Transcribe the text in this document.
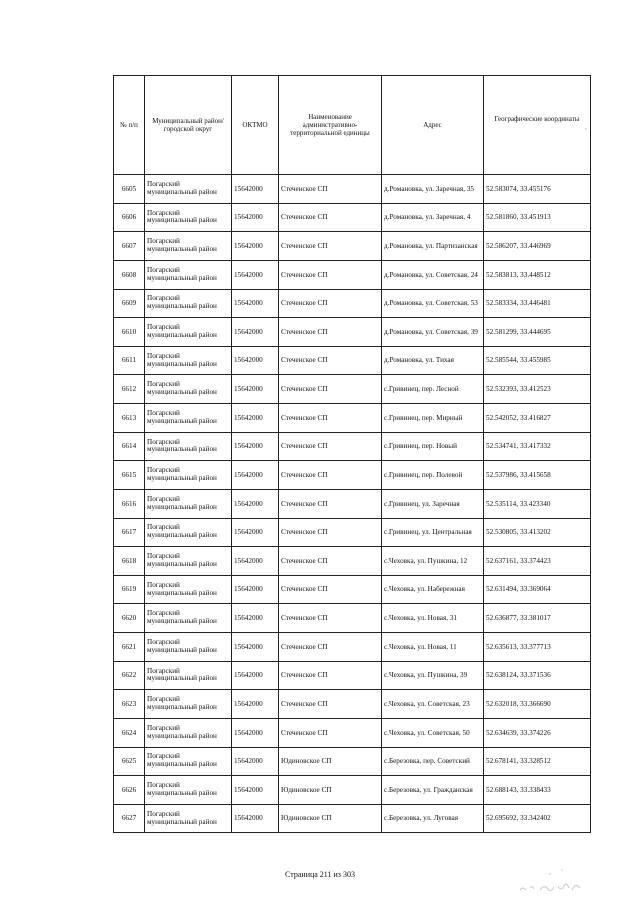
№ п/п	Муниципальный район/городской округ	ОКТМО	Наименование административно-территориальной единицы	Адрес	Географические координаты
’

6605	Погарский муниципальный район	15642000	Стеченское СП	д.Романовка, ул. Заречная, 35	52.583074, 33.455176
6606	Погарский муниципальный район	15642000	Стеченское СП	д.Романовка, ул. Заречная, 4	52.581860, 33.451913
6607	Погарский муниципальный район	15642000	Стеченское СП	д.Романовка, ул. Партизанская	52.586207, 33.446969
6608	Погарский муниципальный район	15642000	Стеченское СП	д.Романовка, ул. Советская, 24	52.583813, 33.448512
6609	Погарский муниципальный район	15642000	Стеченское СП	д.Романовка, ул. Советская, 53	52.583334, 33.446481
6610	Погарский муниципальный район	15642000	Стеченское СП	д.Романовка, ул. Советская, 39	52.581299, 33.444695
6611	Погарский муниципальный район	15642000	Стеченское СП	д.Романовка, ул. Тихая	52.585544, 33.455985
6612	Погарский муниципальный район	15642000	Стеченское СП	с.Гривинец, пер. Лесной	52.532393, 33.412523
6613	Погарский муниципальный район	15642000	Стеченское СП	с.Гривинец, пер. Мирный	52.542052, 33.416827
6614	Погарский муниципальный район	15642000	Стеченское СП	с.Гривинец, пер. Новый	52.534741, 33.417332
6615	Погарский муниципальный район	15642000	Стеченское СП	с.Гривинец, пер. Полевой	52.537986, 33.415658
6616	Погарский муниципальный район	15642000	Стеченское СП	с.Гривинец, ул. Заречная	52.535114, 33.423340
6617	Погарский муниципальный район	15642000	Стеченское СП	с.Гривинец, ул. Центральная	52.530805, 33.413202
6618	Погарский муниципальный район	15642000	Стеченское СП	с.Чеховка, ул. Пушкина, 12	52.637161, 33.374423
6619	Погарский муниципальный район	15642000	Стеченское СП	с.Чеховка, ул. Набережная	52.631494, 33.369064
6620	Погарский муниципальный район	15642000	Стеченское СП	с.Чеховка, ул. Новая, 31	52.636877, 33.381017
6621	Погарский муниципальный район	15642000	Стеченское СП	с.Чеховка, ул. Новая, 11	52.635613, 33.377713
6622	Погарский муниципальный район	15642000	Стеченское СП	с.Чеховка, ул. Пушкина, 39	52.638124, 33.371536
6623	Погарский муниципальный район	15642000	Стеченское СП	с.Чеховка, ул. Советская, 23	52.632018, 33.366690
6624	Погарский муниципальный район	15642000	Стеченское СП	с.Чеховка, ул. Советская, 50	52.634639, 33.374226
6625	Погарский муниципальный район	15642000	Юдиновское СП	с.Березовка, пер. Советский	52.678141, 33.328512
6626	Погарский муниципальный район	15642000	Юдиновское СП	с.Березовка, ул. Гражданская	52.688143, 33.338433
6627	Погарский муниципальный район	15642000	Юдиновское СП	с.Березовка, ул. Луговая	52.695692, 33.342402
Страница 211 из 303
